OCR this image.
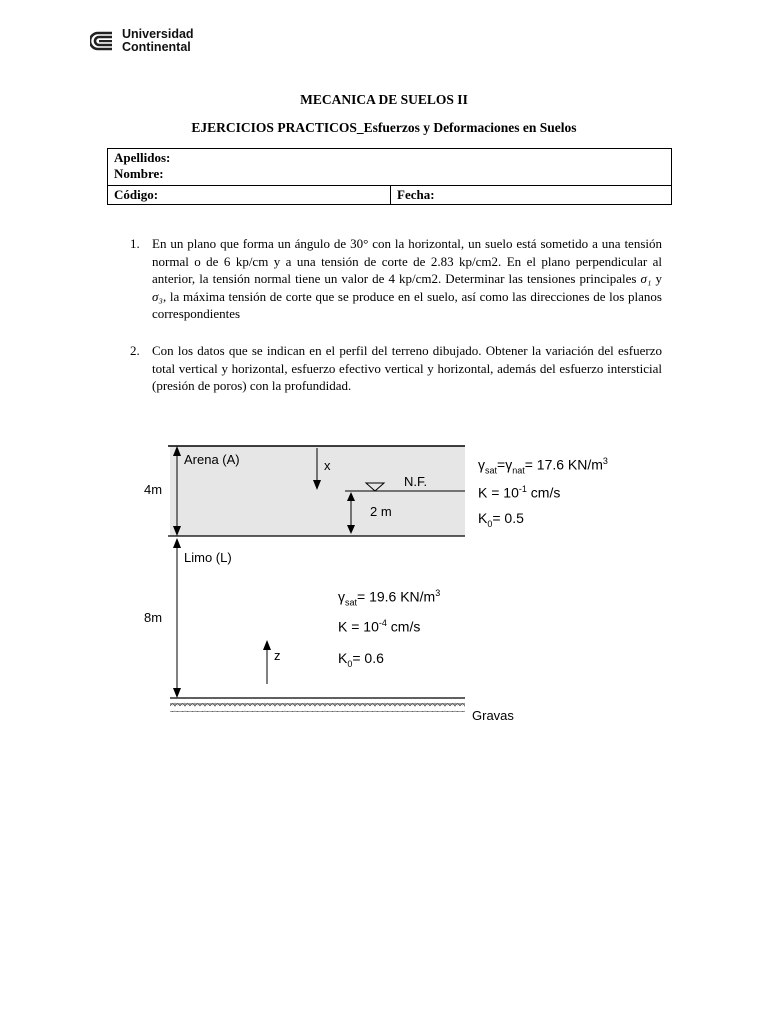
Universidad
Continental
MECANICA DE SUELOS II
EJERCICIOS PRACTICOS_Esfuerzos y Deformaciones en Suelos
Apellidos:
Nombre:

Código:	Fecha:
1. En un plano que forma un ángulo de 30° con la horizontal, un suelo está sometido a una tensión normal o de 6 kp/cm y a una tensión de corte de 2.83 kp/cm2. En el plano perpendicular al anterior, la tensión normal tiene un valor de 4 kp/cm2. Determinar las tensiones principales σ₁ y σ₃, la máxima tensión de corte que se produce en el suelo, así como las direcciones de los planos correspondientes
2. Con los datos que se indican en el perfil del terreno dibujado. Obtener la variación del esfuerzo total vertical y horizontal, esfuerzo efectivo vertical y horizontal, además del esfuerzo intersticial (presión de poros) con la profundidad.
Arena (A)
Limo (L)
4m
8m
x
N.F.
2 m
z
Gravas
$\gamma_{sat}=\gamma_{nat}= 17.6$ $KN/m^3$
$K = 10^{-1}$ cm/s
$K_0= 0.5$
$\gamma_{sat}= 19.6$ $KN/m^3$
$K = 10^{-4}$ cm/s
$K_0= 0.6$
